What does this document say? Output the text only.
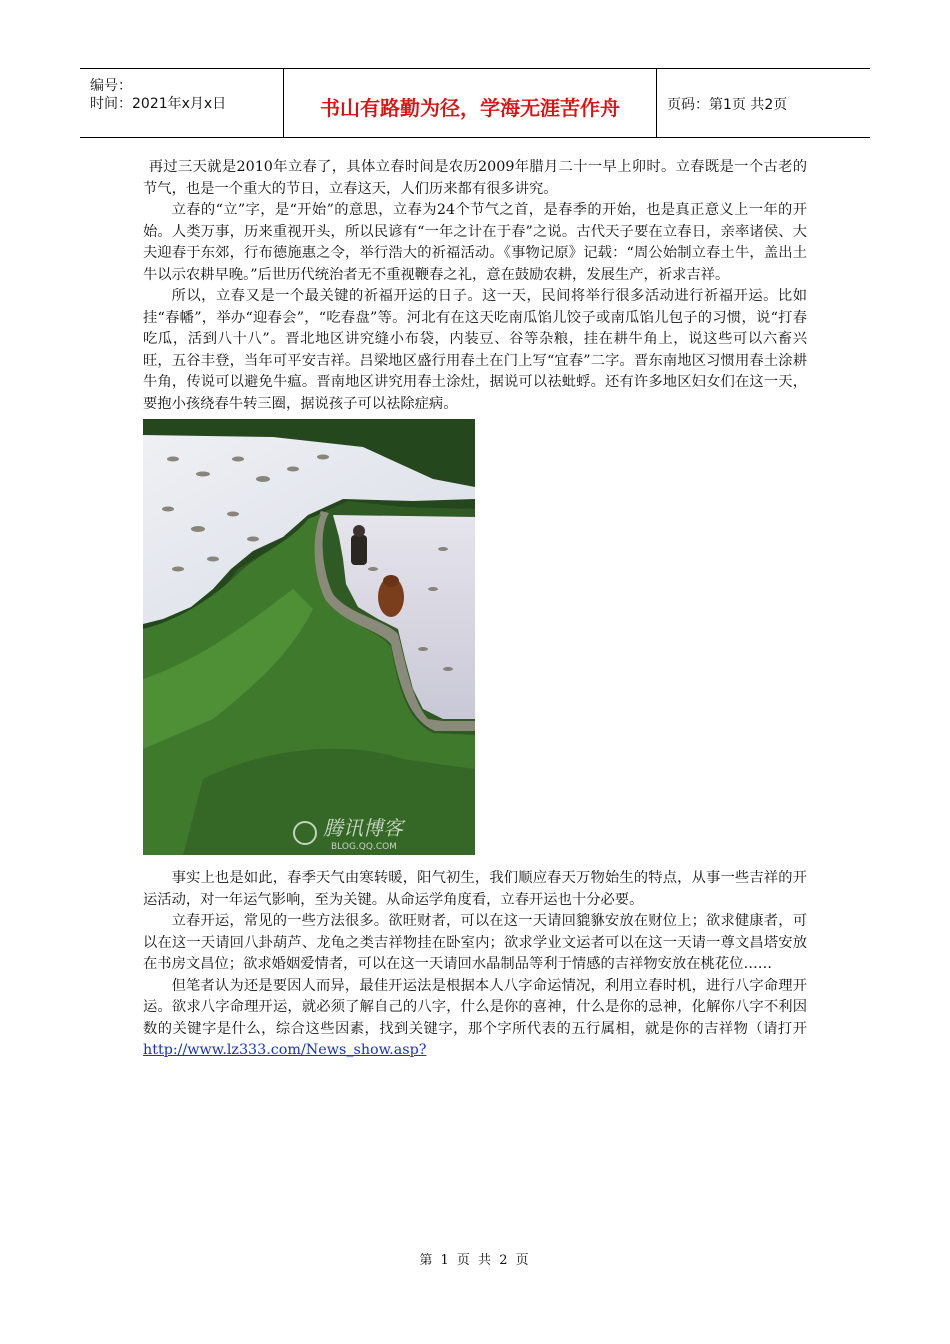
编号：
时间：2021年x月x日	书山有路勤为径，学海无涯苦作舟	页码：第1页 共2页

再过三天就是2010年立春了，具体立春时间是农历2009年腊月二十一早上卯时。立春既是一个古老的节气，也是一个重大的节日，立春这天，人们历来都有很多讲究。

立春的“立”字，是“开始”的意思，立春为24个节气之首，是春季的开始，也是真正意义上一年的开始。人类万事，历来重视开头，所以民谚有“一年之计在于春”之说。古代天子要在立春日，亲率诸侯、大夫迎春于东郊，行布德施惠之令，举行浩大的祈福活动。《事物记原》记载：“周公始制立春土牛，盖出土牛以示农耕早晚。”后世历代统治者无不重视鞭春之礼，意在鼓励农耕，发展生产，祈求吉祥。

所以，立春又是一个最关键的祈福开运的日子。这一天，民间将举行很多活动进行祈福开运。比如挂“春幡”，举办“迎春会”，“吃春盘”等。河北有在这天吃南瓜馅儿饺子或南瓜馅儿包子的习惯，说“打春吃瓜，活到八十八”。晋北地区讲究缝小布袋，内装豆、谷等杂粮，挂在耕牛角上，说这些可以六畜兴旺，五谷丰登，当年可平安吉祥。吕梁地区盛行用春土在门上写“宜春”二字。晋东南地区习惯用春土涂耕牛角，传说可以避免牛瘟。晋南地区讲究用春土涂灶，据说可以祛蚍蜉。还有许多地区妇女们在这一天，要抱小孩绕春牛转三圈，据说孩子可以祛除症病。

腾讯博客
BLOG.QQ.COM

事实上也是如此，春季天气由寒转暖，阳气初生，我们顺应春天万物始生的特点，从事一些吉祥的开运活动，对一年运气影响，至为关键。从命运学角度看，立春开运也十分必要。

立春开运，常见的一些方法很多。欲旺财者，可以在这一天请回貔貅安放在财位上；欲求健康者，可以在这一天请回八卦葫芦、龙龟之类吉祥物挂在卧室内；欲求学业文运者可以在这一天请一尊文昌塔安放在书房文昌位；欲求婚姻爱情者，可以在这一天请回水晶制品等利于情感的吉祥物安放在桃花位……

但笔者认为还是要因人而异，最佳开运法是根据本人八字命运情况，利用立春时机，进行八字命理开运。欲求八字命理开运，就必须了解自己的八字，什么是你的喜神，什么是你的忌神，化解你八字不利因数的关键字是什么，综合这些因素，找到关键字，那个字所代表的五行属相，就是你的吉祥物（请打开http://www.lz333.com/News_show.asp?

第 1 页 共 2 页
